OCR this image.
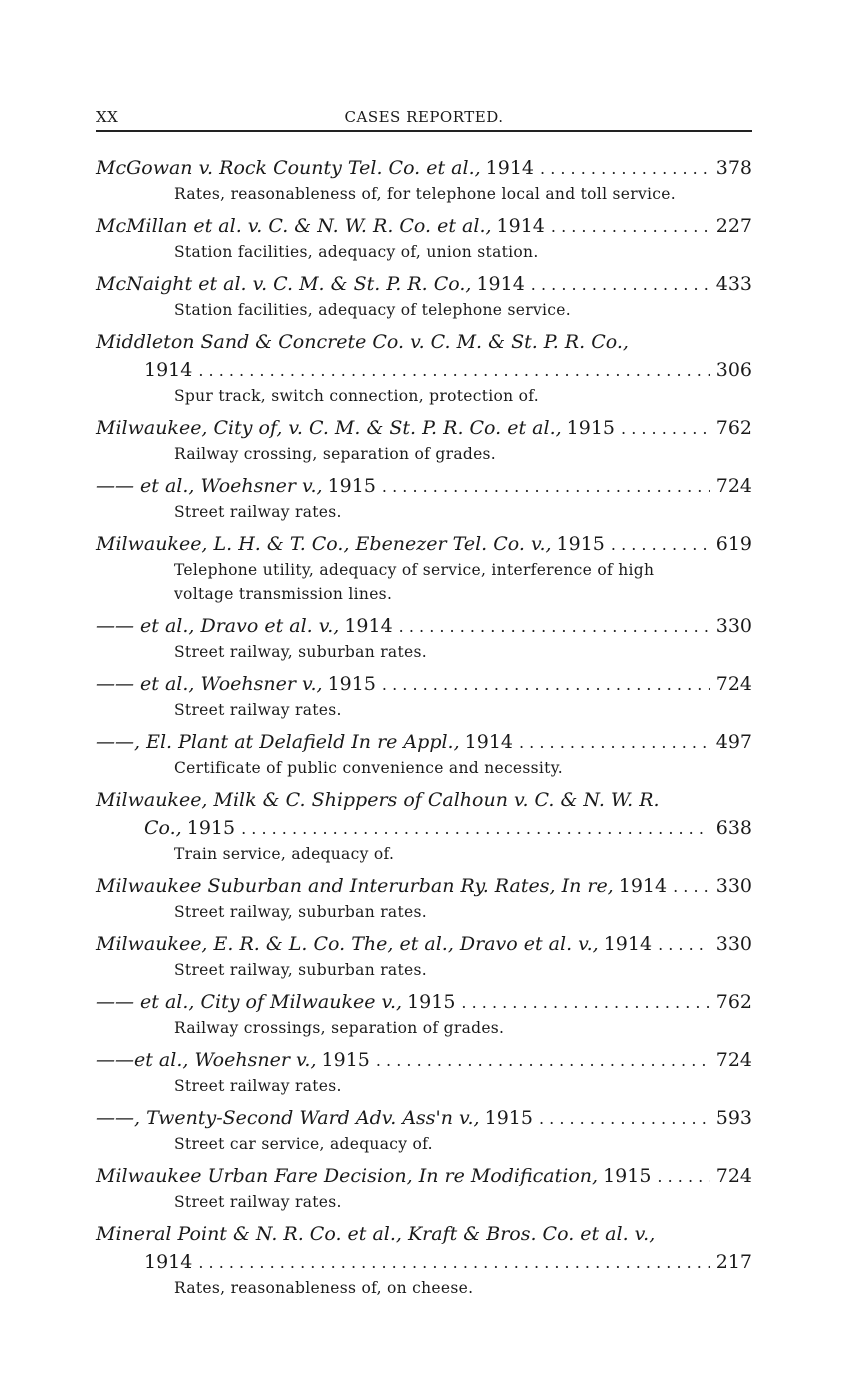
XX	CASES REPORTED.
McGowan v. Rock County Tel. Co. et al., 1914 . . .	378
Rates, reasonableness of, for telephone local and toll service.
McMillan et al. v. C. & N. W. R. Co. et al., 1914 . . .	227
Station facilities, adequacy of, union station.
McNaight et al. v. C. M. & St. P. R. Co., 1914 . . .	433
Station facilities, adequacy of telephone service.
Middleton Sand & Concrete Co. v. C. M. & St. P. R. Co.,
1914 . . .	306
Spur track, switch connection, protection of.
Milwaukee, City of, v. C. M. & St. P. R. Co. et al., 1915 . . .	762
Railway crossing, separation of grades.
—— et al., Woehsner v., 1915 . . .	724
Street railway rates.
Milwaukee, L. H. & T. Co., Ebenezer Tel. Co. v., 1915 . . .	619
Telephone utility, adequacy of service, interference of high voltage transmission lines.
—— et al., Dravo et al. v., 1914 . . .	330
Street railway, suburban rates.
—— et al., Woehsner v., 1915 . . .	724
Street railway rates.
——, El. Plant at Delafield In re Appl., 1914 . . .	497
Certificate of public convenience and necessity.
Milwaukee, Milk & C. Shippers of Calhoun v. C. & N. W. R.
Co., 1915 . . .	638
Train service, adequacy of.
Milwaukee Suburban and Interurban Ry. Rates, In re, 1914 . . .	330
Street railway, suburban rates.
Milwaukee, E. R. & L. Co. The, et al., Dravo et al. v., 1914 . . .	330
Street railway, suburban rates.
—— et al., City of Milwaukee v., 1915 . . .	762
Railway crossings, separation of grades.
——et al., Woehsner v., 1915 . . .	724
Street railway rates.
——, Twenty-Second Ward Adv. Ass'n v., 1915 . . .	593
Street car service, adequacy of.
Milwaukee Urban Fare Decision, In re Modification, 1915 . . .	724
Street railway rates.
Mineral Point & N. R. Co. et al., Kraft & Bros. Co. et al. v.,
1914 . . .	217
Rates, reasonableness of, on cheese.
